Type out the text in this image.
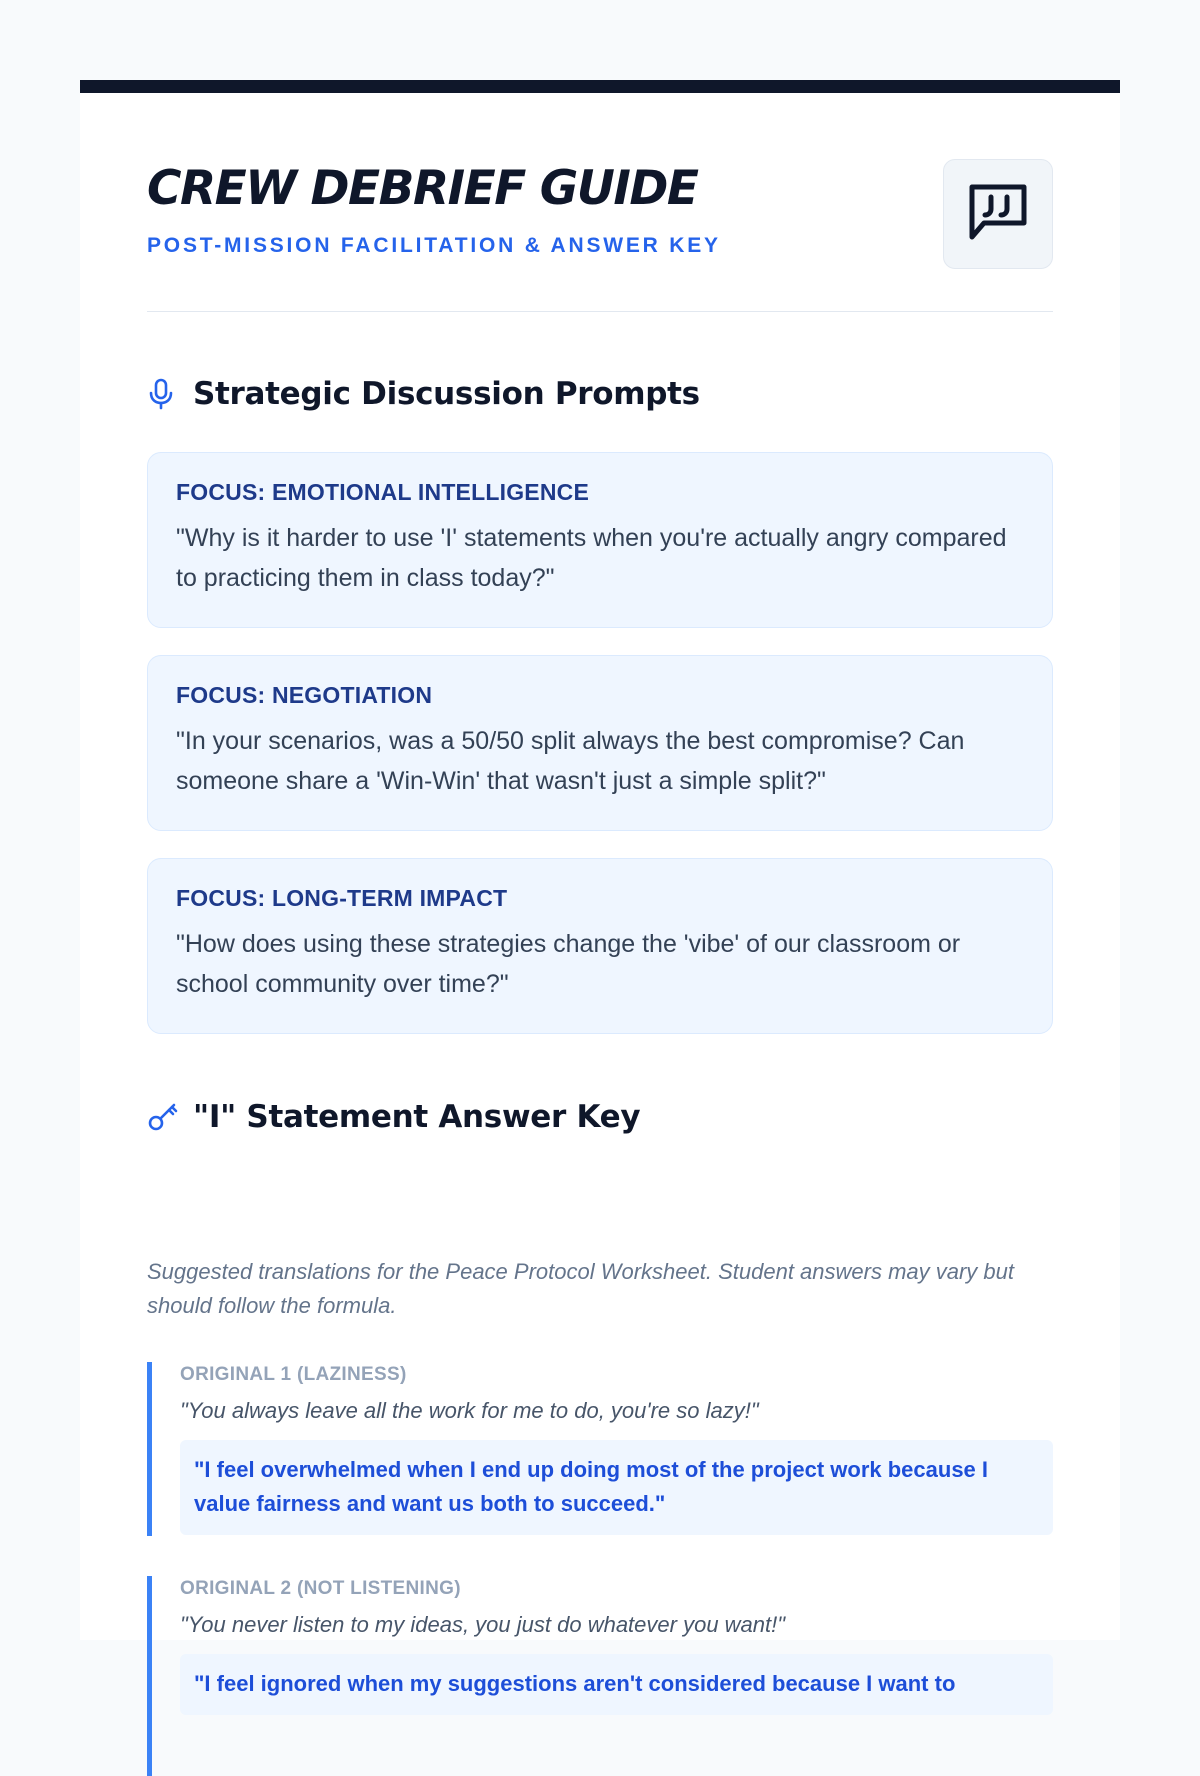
CREW DEBRIEF GUIDE
POST-MISSION FACILITATION & ANSWER KEY
Strategic Discussion Prompts
FOCUS: EMOTIONAL INTELLIGENCE
"Why is it harder to use 'I' statements when you're actually angry compared to practicing them in class today?"
FOCUS: NEGOTIATION
"In your scenarios, was a 50/50 split always the best compromise? Can someone share a 'Win-Win' that wasn't just a simple split?"
FOCUS: LONG-TERM IMPACT
"How does using these strategies change the 'vibe' of our classroom or school community over time?"
"I" Statement Answer Key
Suggested translations for the Peace Protocol Worksheet. Student answers may vary but should follow the formula.
ORIGINAL 1 (LAZINESS)
"You always leave all the work for me to do, you're so lazy!"
"I feel overwhelmed when I end up doing most of the project work because I value fairness and want us both to succeed."
ORIGINAL 2 (NOT LISTENING)
"You never listen to my ideas, you just do whatever you want!"
"I feel ignored when my suggestions aren't considered because I want to
